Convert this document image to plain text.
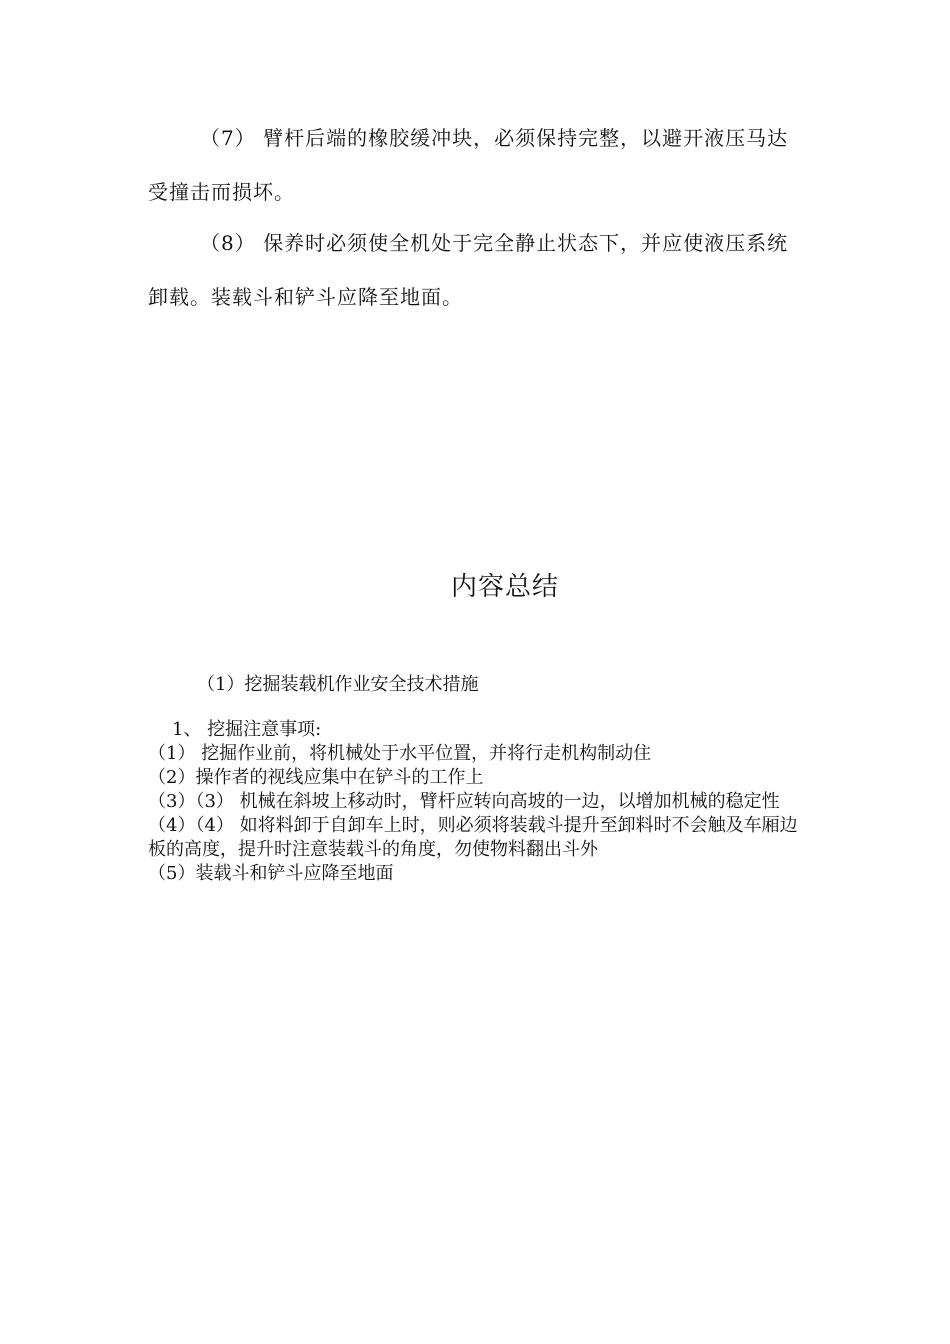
（7） 臂杆后端的橡胶缓冲块，必须保持完整，以避开液压马达受撞击而损坏。

（8） 保养时必须使全机处于完全静止状态下，并应使液压系统卸载。装载斗和铲斗应降至地面。

内容总结

（1）挖掘装载机作业安全技术措施

1、 挖掘注意事项:
（1） 挖掘作业前，将机械处于水平位置，并将行走机构制动住
（2）操作者的视线应集中在铲斗的工作上
（3）（3） 机械在斜坡上移动时，臂杆应转向高坡的一边，以增加机械的稳定性
（4）（4） 如将料卸于自卸车上时，则必须将装载斗提升至卸料时不会触及车厢边板的高度，提升时注意装载斗的角度，勿使物料翻出斗外
（5）装载斗和铲斗应降至地面
